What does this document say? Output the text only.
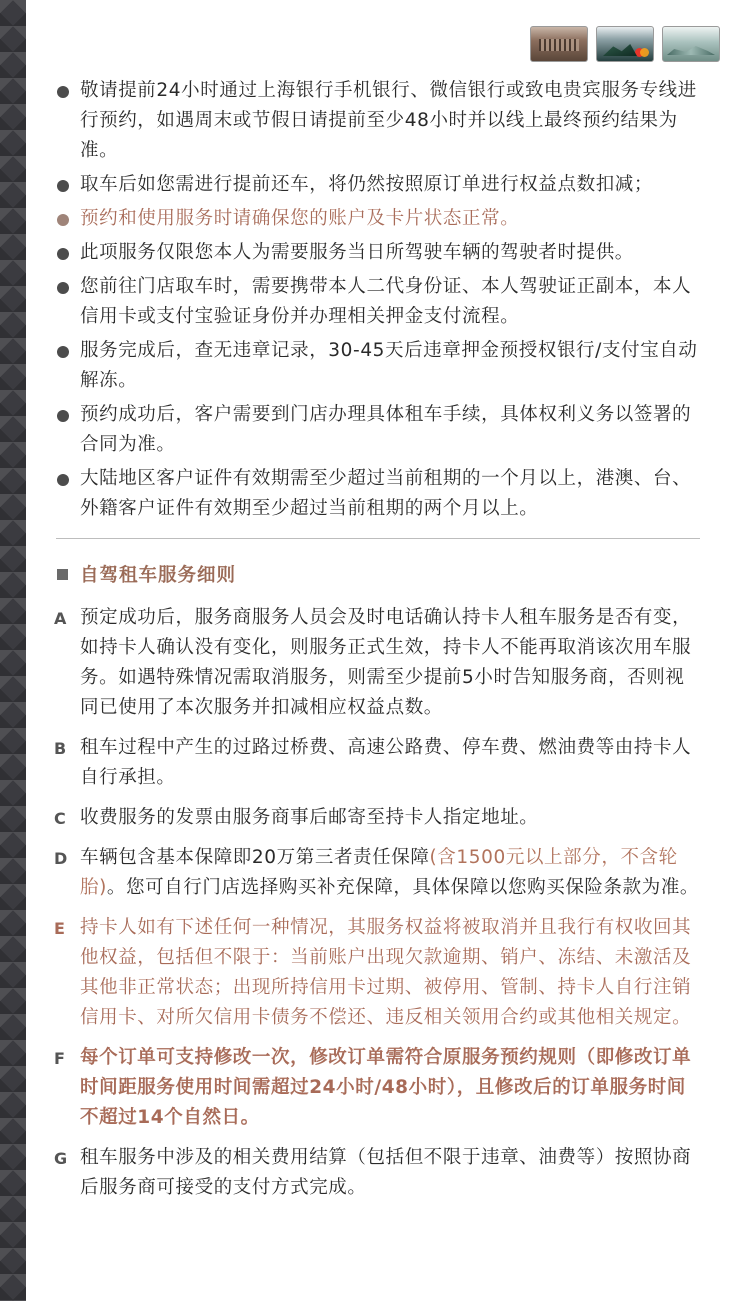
敬请提前24小时通过上海银行手机银行、微信银行或致电贵宾服务专线进行预约，如遇周末或节假日请提前至少48小时并以线上最终预约结果为准。
取车后如您需进行提前还车，将仍然按照原订单进行权益点数扣减；
预约和使用服务时请确保您的账户及卡片状态正常。
此项服务仅限您本人为需要服务当日所驾驶车辆的驾驶者时提供。
您前往门店取车时，需要携带本人二代身份证、本人驾驶证正副本，本人信用卡或支付宝验证身份并办理相关押金支付流程。
服务完成后，查无违章记录，30-45天后违章押金预授权银行/支付宝自动解冻。
预约成功后，客户需要到门店办理具体租车手续，具体权利义务以签署的合同为准。
大陆地区客户证件有效期需至少超过当前租期的一个月以上，港澳、台、外籍客户证件有效期至少超过当前租期的两个月以上。
自驾租车服务细则
A 预定成功后，服务商服务人员会及时电话确认持卡人租车服务是否有变，如持卡人确认没有变化，则服务正式生效，持卡人不能再取消该次用车服务。如遇特殊情况需取消服务，则需至少提前5小时告知服务商，否则视同已使用了本次服务并扣减相应权益点数。
B 租车过程中产生的过路过桥费、高速公路费、停车费、燃油费等由持卡人自行承担。
C 收费服务的发票由服务商事后邮寄至持卡人指定地址。
D 车辆包含基本保障即20万第三者责任保障(含1500元以上部分，不含轮胎)。您可自行门店选择购买补充保障，具体保障以您购买保险条款为准。
E 持卡人如有下述任何一种情况，其服务权益将被取消并且我行有权收回其他权益，包括但不限于：当前账户出现欠款逾期、销户、冻结、未激活及其他非正常状态；出现所持信用卡过期、被停用、管制、持卡人自行注销信用卡、对所欠信用卡债务不偿还、违反相关领用合约或其他相关规定。
F 每个订单可支持修改一次，修改订单需符合原服务预约规则（即修改订单时间距服务使用时间需超过24小时/48小时），且修改后的订单服务时间不超过14个自然日。
G 租车服务中涉及的相关费用结算（包括但不限于违章、油费等）按照协商后服务商可接受的支付方式完成。
